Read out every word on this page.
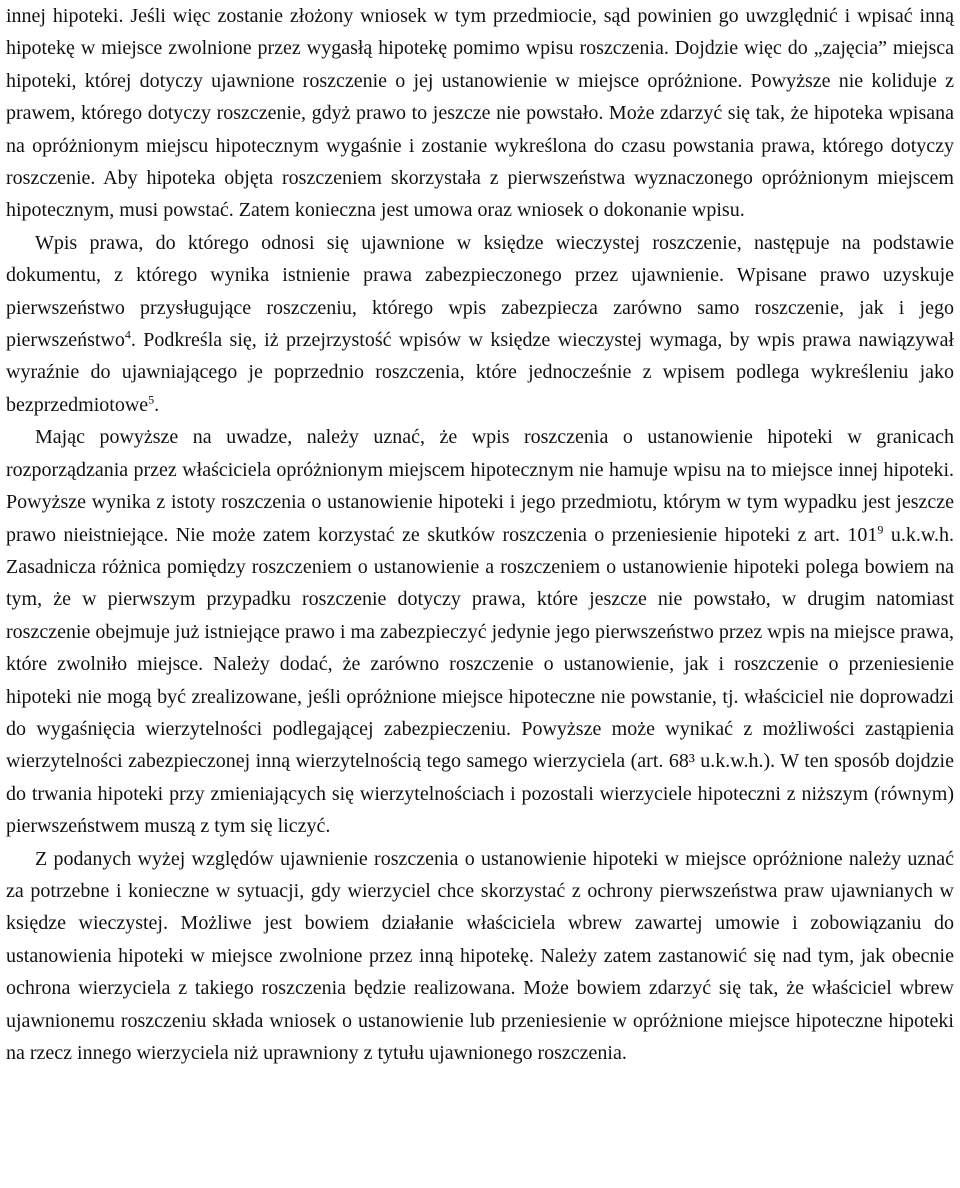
innej hipoteki. Jeśli więc zostanie złożony wniosek w tym przedmiocie, sąd powinien go uwzględnić i wpisać inną hipotekę w miejsce zwolnione przez wygasłą hipotekę pomimo wpisu roszczenia. Dojdzie więc do „zajęcia” miejsca hipoteki, której dotyczy ujawnione roszczenie o jej ustanowienie w miejsce opróżnione. Powyższe nie koliduje z prawem, którego dotyczy roszczenie, gdyż prawo to jeszcze nie powstało. Może zdarzyć się tak, że hipoteka wpisana na opróżnionym miejscu hipotecznym wygaśnie i zostanie wykreślona do czasu powstania prawa, którego dotyczy roszczenie. Aby hipoteka objęta roszczeniem skorzystała z pierwszeństwa wyznaczonego opróżnionym miejscem hipotecznym, musi powstać. Zatem konieczna jest umowa oraz wniosek o dokonanie wpisu.

Wpis prawa, do którego odnosi się ujawnione w księdze wieczystej roszczenie, następuje na podstawie dokumentu, z którego wynika istnienie prawa zabezpieczonego przez ujawnienie. Wpisane prawo uzyskuje pierwszeństwo przysługujące roszczeniu, którego wpis zabezpiecza zarówno samo roszczenie, jak i jego pierwszeństwo$^4$. Podkreśla się, iż przejrzystość wpisów w księdze wieczystej wymaga, by wpis prawa nawiązywał wyraźnie do ujawniającego je poprzednio roszczenia, które jednocześnie z wpisem podlega wykreśleniu jako bezprzedmiotowe$^5$.

Mając powyższe na uwadze, należy uznać, że wpis roszczenia o ustanowienie hipoteki w granicach rozporządzania przez właściciela opróżnionym miejscem hipotecznym nie hamuje wpisu na to miejsce innej hipoteki. Powyższe wynika z istoty roszczenia o ustanowienie hipoteki i jego przedmiotu, którym w tym wypadku jest jeszcze prawo nieistniejące. Nie może zatem korzystać ze skutków roszczenia o przeniesienie hipoteki z art. $101^9$ u.k.w.h. Zasadnicza różnica pomiędzy roszczeniem o ustanowienie a roszczeniem o ustanowienie hipoteki polega bowiem na tym, że w pierwszym przypadku roszczenie dotyczy prawa, które jeszcze nie powstało, w drugim natomiast roszczenie obejmuje już istniejące prawo i ma zabezpieczyć jedynie jego pierwszeństwo przez wpis na miejsce prawa, które zwolniło miejsce. Należy dodać, że zarówno roszczenie o ustanowienie, jak i roszczenie o przeniesienie hipoteki nie mogą być zrealizowane, jeśli opróżnione miejsce hipoteczne nie powstanie, tj. właściciel nie doprowadzi do wygaśnięcia wierzytelności podlegającej zabezpieczeniu. Powyższe może wynikać z możliwości zastąpienia wierzytelności zabezpieczonej inną wierzytelnością tego samego wierzyciela (art. 68³ u.k.w.h.). W ten sposób dojdzie do trwania hipoteki przy zmieniających się wierzytelnościach i pozostali wierzyciele hipoteczni z niższym (równym) pierwszeństwem muszą z tym się liczyć.

Z podanych wyżej względów ujawnienie roszczenia o ustanowienie hipoteki w miejsce opróżnione należy uznać za potrzebne i konieczne w sytuacji, gdy wierzyciel chce skorzystać z ochrony pierwszeństwa praw ujawnianych w księdze wieczystej. Możliwe jest bowiem działanie właściciela wbrew zawartej umowie i zobowiązaniu do ustanowienia hipoteki w miejsce zwolnione przez inną hipotekę. Należy zatem zastanowić się nad tym, jak obecnie ochrona wierzyciela z takiego roszczenia będzie realizowana. Może bowiem zdarzyć się tak, że właściciel wbrew ujawnionemu roszczeniu składa wniosek o ustanowienie lub przeniesienie w opróżnione miejsce hipoteczne hipoteki na rzecz innego wierzyciela niż uprawniony z tytułu ujawnionego roszczenia.
